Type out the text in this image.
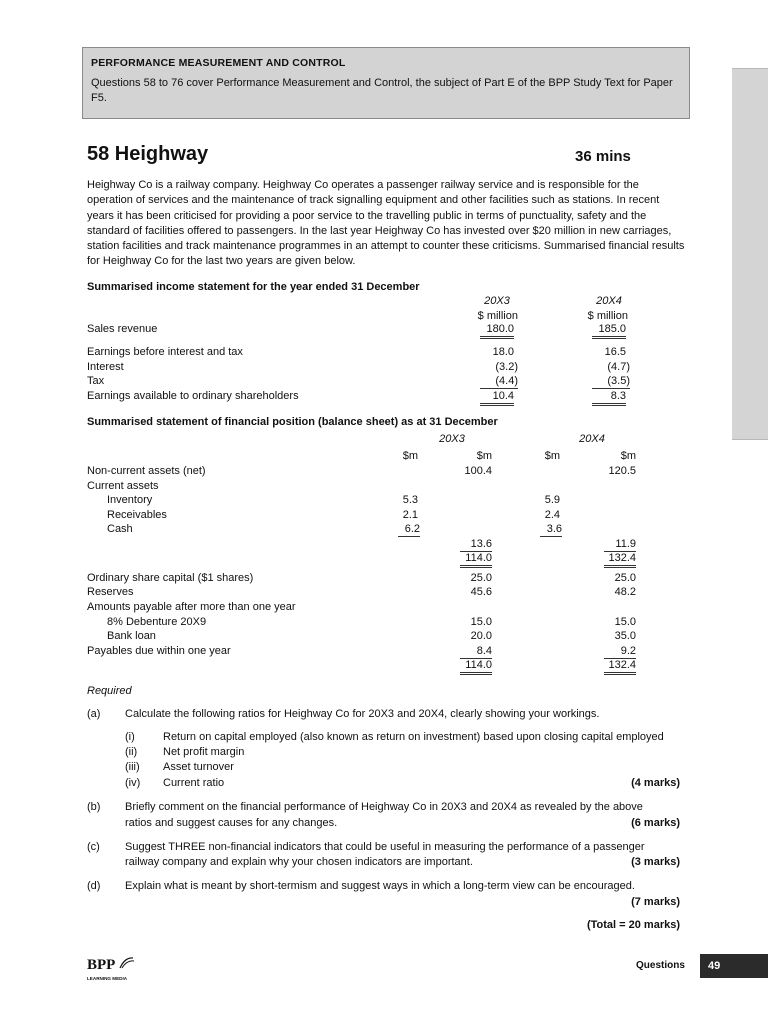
PERFORMANCE MEASUREMENT AND CONTROL
Questions 58 to 76 cover Performance Measurement and Control, the subject of Part E of the BPP Study Text for Paper F5.
58 Heighway	36 mins

Heighway Co is a railway company. Heighway Co operates a passenger railway service and is responsible for the operation of services and the maintenance of track signalling equipment and other facilities such as stations. In recent years it has been criticised for providing a poor service to the travelling public in terms of punctuality, safety and the standard of facilities offered to passengers. In the last year Heighway Co has invested over $20 million in new carriages, station facilities and track maintenance programmes in an attempt to counter these criticisms. Summarised financial results for Heighway Co for the last two years are given below.

Summarised income statement for the year ended 31 December
20X3	20X4
$ million	$ million
Sales revenue	180.0	185.0
Earnings before interest and tax	18.0	16.5
Interest	(3.2)	(4.7)
Tax	(4.4)	(3.5)
Earnings available to ordinary shareholders	10.4	8.3
Summarised statement of financial position (balance sheet) as at 31 December
20X3	20X4
$m	$m	$m	$m
Non-current assets (net)	100.4	120.5
Current assets
Inventory	5.3	5.9
Receivables	2.1	2.4
Cash	6.2	3.6
13.6	11.9
114.0	132.4
Ordinary share capital ($1 shares)	25.0	25.0
Reserves	45.6	48.2
Amounts payable after more than one year
8% Debenture 20X9	15.0	15.0
Bank loan	20.0	35.0
Payables due within one year	8.4	9.2
114.0	132.4
Required
(a) Calculate the following ratios for Heighway Co for 20X3 and 20X4, clearly showing your workings.
(i)	Return on capital employed (also known as return on investment) based upon closing capital employed
(ii) Net profit margin
(iii) Asset turnover
(iv) Current ratio	(4 marks)
(b) Briefly comment on the financial performance of Heighway Co in 20X3 and 20X4 as revealed by the above
ratios and suggest causes for any changes.	(6 marks)
(c) Suggest THREE non-financial indicators that could be useful in measuring the performance of a passenger
railway company and explain why your chosen indicators are important.	(3 marks)
(d) Explain what is meant by short-termism and suggest ways in which a long-term view can be encouraged.
(7 marks)
(Total = 20 marks)
BPP
LEARNING MEDIA
Questions	49
